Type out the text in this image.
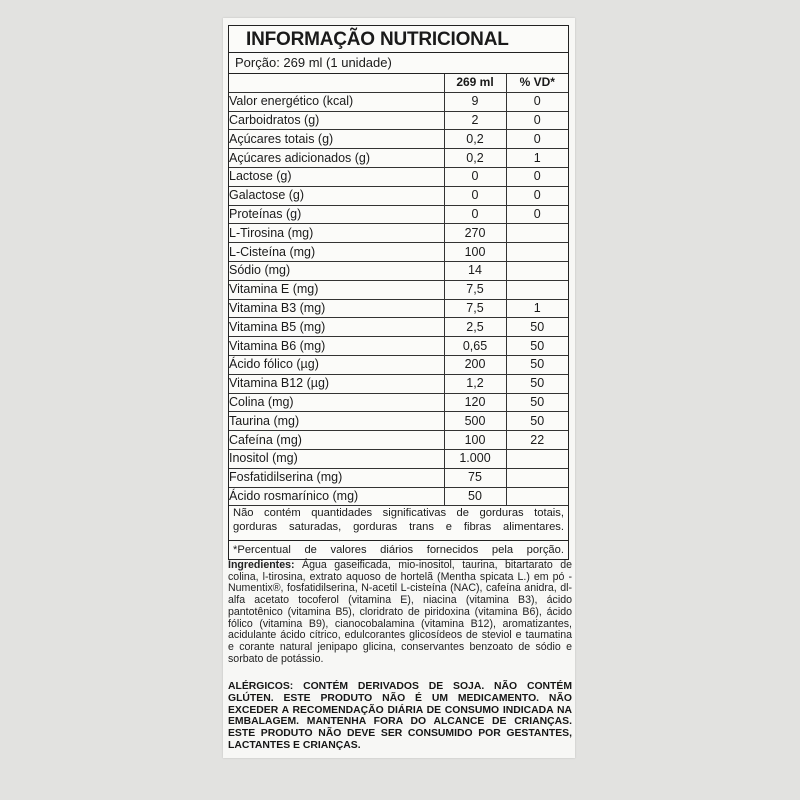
INFORMAÇÃO NUTRICIONAL
Porção: 269 ml (1 unidade)
	269 ml	% VD*
Valor energético (kcal)	9	0
Carboidratos (g)	2	0
Açúcares totais (g)	0,2	0
Açúcares adicionados (g)	0,2	1
Lactose (g)	0	0
Galactose (g)	0	0
Proteínas (g)	0	0
L-Tirosina (mg)	270	
L-Cisteína (mg)	100	
Sódio (mg)	14	
Vitamina E (mg)	7,5	
Vitamina B3 (mg)	7,5	1
Vitamina B5 (mg)	2,5	50
Vitamina B6 (mg)	0,65	50
Ácido fólico (µg)	200	50
Vitamina B12 (µg)	1,2	50
Colina (mg)	120	50
Taurina (mg)	500	50
Cafeína (mg)	100	22
Inositol (mg)	1.000	
Fosfatidilserina (mg)	75	
Ácido rosmarínico (mg)	50	
Não contém quantidades significativas de gorduras totais, gorduras saturadas, gorduras trans e fibras alimentares.
*Percentual de valores diários fornecidos pela porção.
Ingredientes: Água gaseificada, mio-inositol, taurina, bitartarato de colina, l-tirosina, extrato aquoso de hortelã (Mentha spicata L.) em pó - Numentix®, fosfatidilserina, N-acetil L-cisteína (NAC), cafeína anidra, dl-alfa acetato tocoferol (vitamina E), niacina (vitamina B3), ácido pantotênico (vitamina B5), cloridrato de piridoxina (vitamina B6), ácido fólico (vitamina B9), cianocobalamina (vitamina B12), aromatizantes, acidulante ácido cítrico, edulcorantes glicosídeos de steviol e taumatina e corante natural jenipapo glicina, conservantes benzoato de sódio e sorbato de potássio.
ALÉRGICOS: CONTÉM DERIVADOS DE SOJA. NÃO CONTÉM GLÚTEN. ESTE PRODUTO NÃO É UM MEDICAMENTO. NÃO EXCEDER A RECOMENDAÇÃO DIÁRIA DE CONSUMO INDICADA NA EMBALAGEM. MANTENHA FORA DO ALCANCE DE CRIANÇAS. ESTE PRODUTO NÃO DEVE SER CONSUMIDO POR GESTANTES, LACTANTES E CRIANÇAS.
